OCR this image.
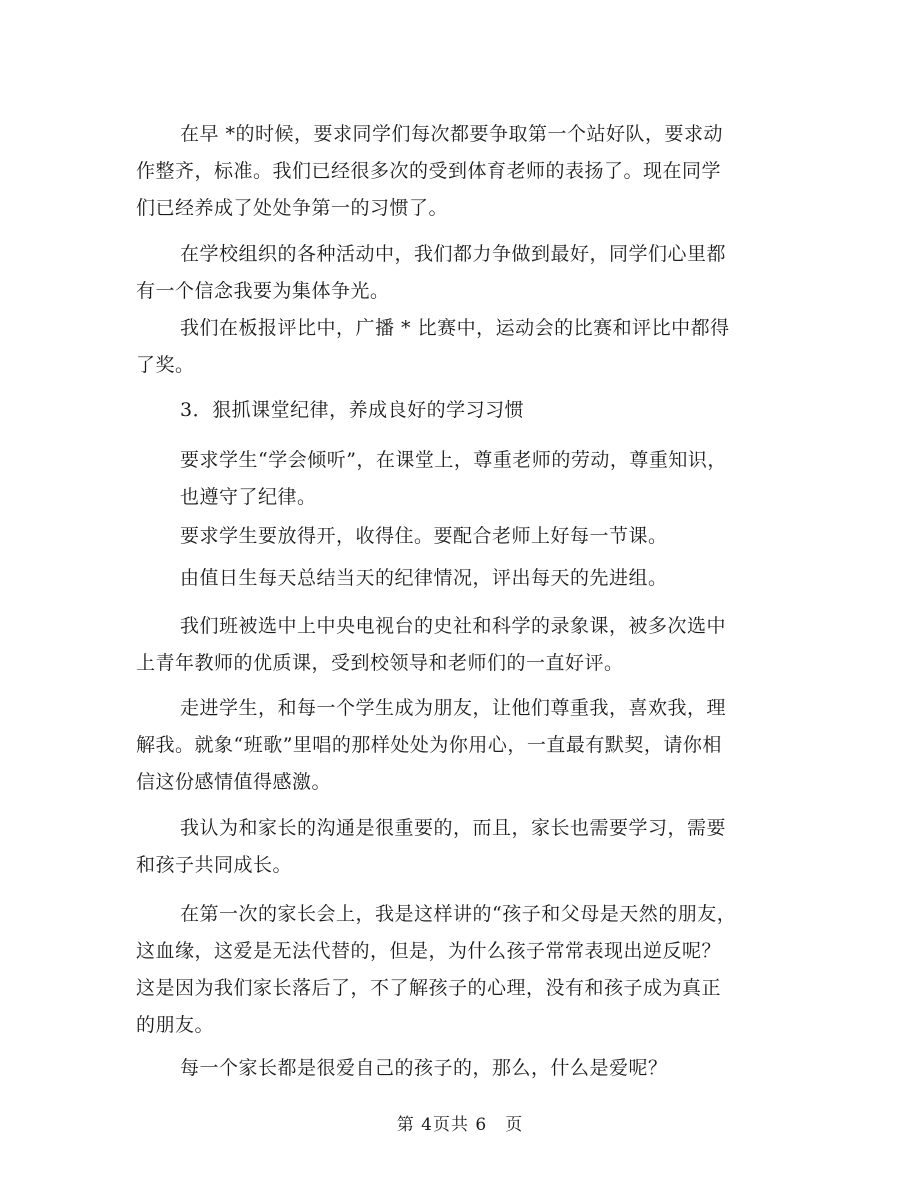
在早 *的时候，要求同学们每次都要争取第一个站好队，要求动作整齐，标准。我们已经很多次的受到体育老师的表扬了。现在同学们已经养成了处处争第一的习惯了。

在学校组织的各种活动中，我们都力争做到最好，同学们心里都有一个信念我要为集体争光。

我们在板报评比中，广播 * 比赛中，运动会的比赛和评比中都得了奖。

3．狠抓课堂纪律，养成良好的学习习惯

要求学生“学会倾听”，在课堂上，尊重老师的劳动，尊重知识，也遵守了纪律。

要求学生要放得开，收得住。要配合老师上好每一节课。

由值日生每天总结当天的纪律情况，评出每天的先进组。

我们班被选中上中央电视台的史社和科学的录象课，被多次选中上青年教师的优质课，受到校领导和老师们的一直好评。

走进学生，和每一个学生成为朋友，让他们尊重我，喜欢我，理解我。就象“班歌”里唱的那样处处为你用心，一直最有默契，请你相信这份感情值得感激。

我认为和家长的沟通是很重要的，而且，家长也需要学习，需要和孩子共同成长。

在第一次的家长会上，我是这样讲的“孩子和父母是天然的朋友，这血缘，这爱是无法代替的，但是，为什么孩子常常表现出逆反呢？这是因为我们家长落后了，不了解孩子的心理，没有和孩子成为真正的朋友。

每一个家长都是很爱自己的孩子的，那么，什么是爱呢？

第 4页共 6　页
